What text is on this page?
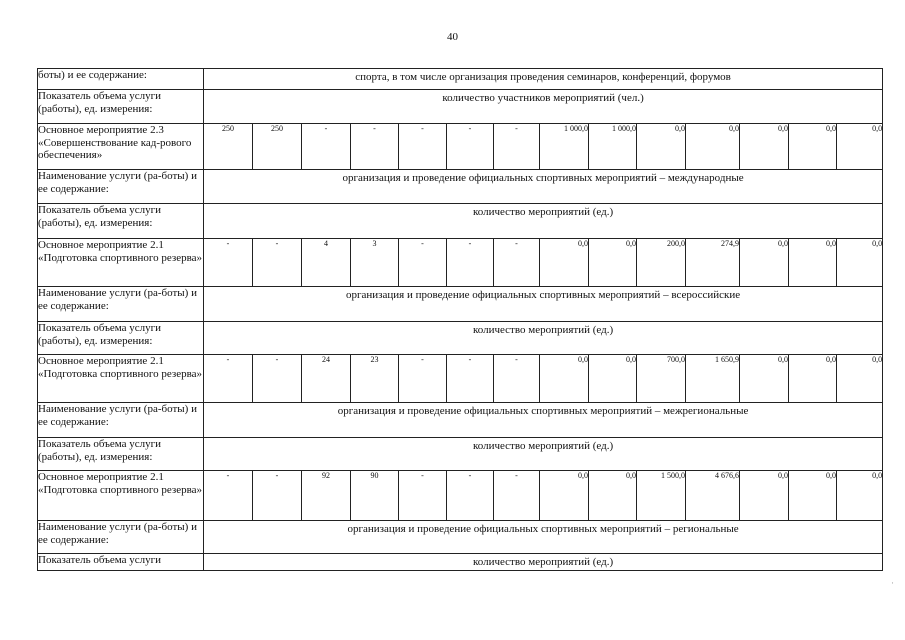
40
боты) и ее содержание:	спорта, в том числе организация проведения семинаров, конференций, форумов													
Показатель объема услуги (работы), ед. измерения:	количество участников мероприятий (чел.)													
Основное мероприятие 2.3 «Совершенствование кад-рового обеспечения»	250	250	-	-	-	-	-	1 000,0	1 000,0	0,0	0,0	0,0	0,0	0,0
Наименование услуги (ра-боты) и ее содержание:	организация и проведение официальных спортивных мероприятий – международные													
Показатель объема услуги (работы), ед. измерения:	количество мероприятий (ед.)													
Основное мероприятие 2.1 «Подготовка спортивного резерва»	-	-	4	3	-	-	-	0,0	0,0	200,0	274,9	0,0	0,0	0,0
Наименование услуги (ра-боты) и ее содержание:	организация и проведение официальных спортивных мероприятий – всероссийские													
Показатель объема услуги (работы), ед. измерения:	количество мероприятий (ед.)													
Основное мероприятие 2.1 «Подготовка спортивного резерва»	-	-	24	23	-	-	-	0,0	0,0	700,0	1 650,9	0,0	0,0	0,0
Наименование услуги (ра-боты) и ее содержание:	организация и проведение официальных спортивных мероприятий – межрегиональные													
Показатель объема услуги (работы), ед. измерения:	количество мероприятий (ед.)													
Основное мероприятие 2.1 «Подготовка спортивного резерва»	-	-	92	90	-	-	-	0,0	0,0	1 500,0	4 676,6	0,0	0,0	0,0
Наименование услуги (ра-боты) и ее содержание:	организация и проведение официальных спортивных мероприятий – региональные													
Показатель объема услуги	количество мероприятий (ед.)													
·
